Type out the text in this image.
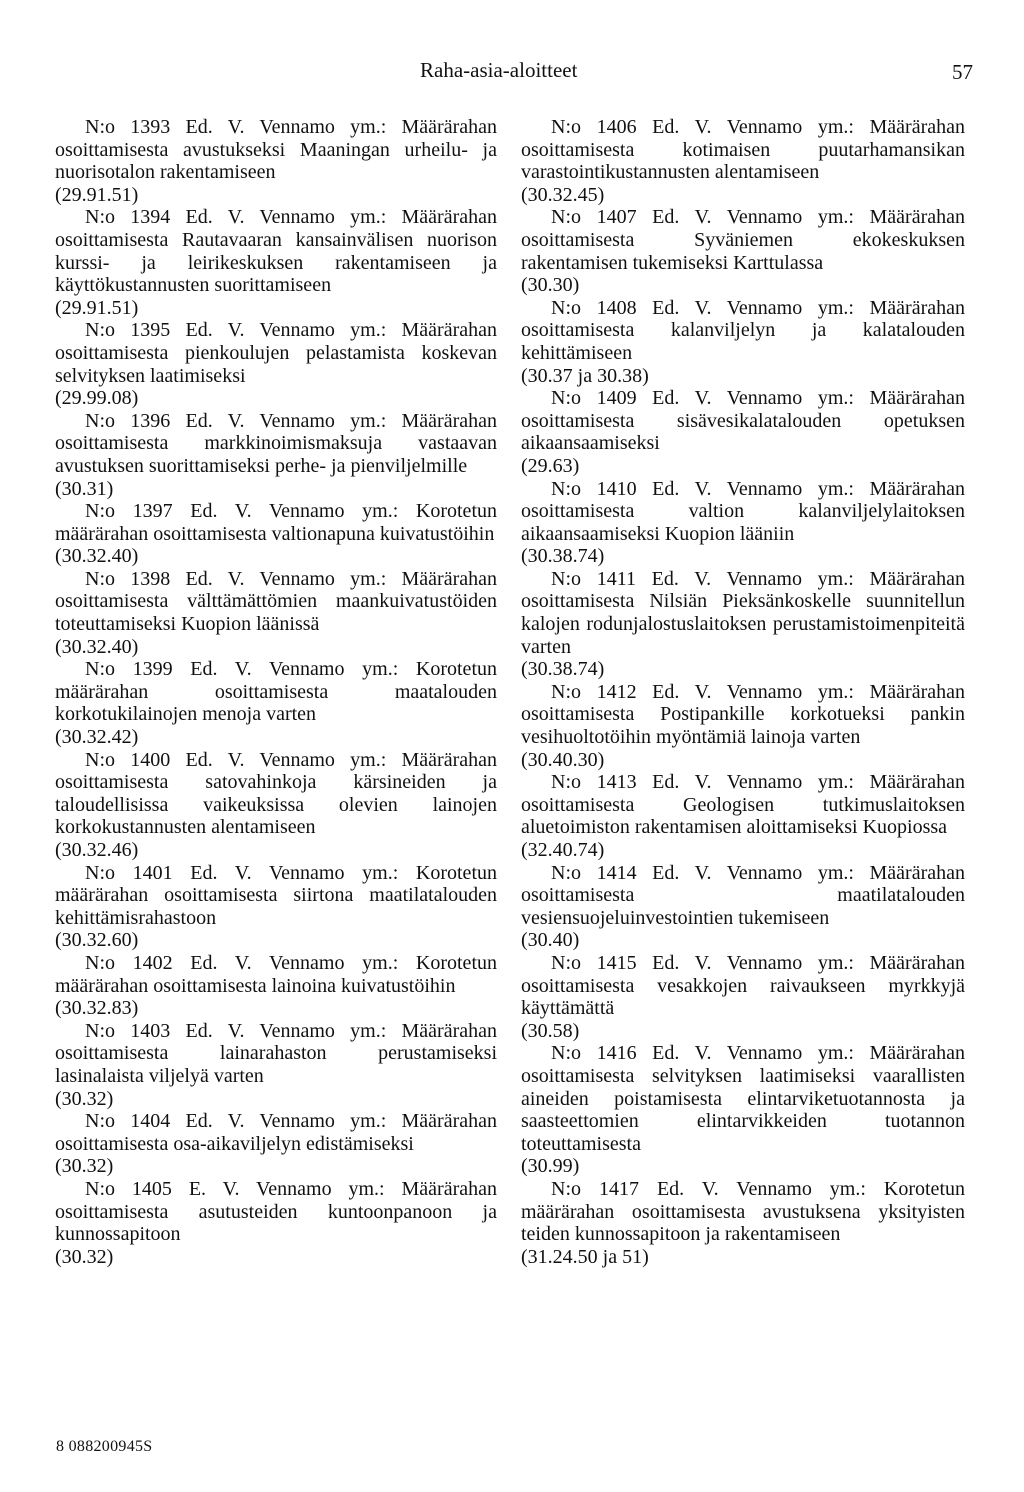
Raha-asia-aloitteet	57

N:o 1393 Ed. V. Vennamo ym.: Määrärahan osoittamisesta avustukseksi Maaningan urheilu- ja nuorisotalon rakentamiseen

(29.91.51)

N:o 1394 Ed. V. Vennamo ym.: Määrärahan osoittamisesta Rautavaaran kansainvälisen nuorison kurssi- ja leirikeskuksen rakentamiseen ja käyttökustannusten suorittamiseen

(29.91.51)

N:o 1395 Ed. V. Vennamo ym.: Määrärahan osoittamisesta pienkoulujen pelastamista koskevan selvityksen laatimiseksi

(29.99.08)

N:o 1396 Ed. V. Vennamo ym.: Määrärahan osoittamisesta markkinoimismaksuja vastaavan avustuksen suorittamiseksi perhe- ja pienviljelmille

(30.31)

N:o 1397 Ed. V. Vennamo ym.: Korotetun määrärahan osoittamisesta valtionapuna kuivatustöihin

(30.32.40)

N:o 1398 Ed. V. Vennamo ym.: Määrärahan osoittamisesta välttämättömien maankuivatustöiden toteuttamiseksi Kuopion läänissä

(30.32.40)

N:o 1399 Ed. V. Vennamo ym.: Korotetun määrärahan osoittamisesta maatalouden korkotukilainojen menoja varten

(30.32.42)

N:o 1400 Ed. V. Vennamo ym.: Määrärahan osoittamisesta satovahinkoja kärsineiden ja taloudellisissa vaikeuksissa olevien lainojen korkokustannusten alentamiseen

(30.32.46)

N:o 1401 Ed. V. Vennamo ym.: Korotetun määrärahan osoittamisesta siirtona maatilatalouden kehittämisrahastoon

(30.32.60)

N:o 1402 Ed. V. Vennamo ym.: Korotetun määrärahan osoittamisesta lainoina kuivatustöihin

(30.32.83)

N:o 1403 Ed. V. Vennamo ym.: Määrärahan osoittamisesta lainarahaston perustamiseksi lasinalaista viljelyä varten

(30.32)

N:o 1404 Ed. V. Vennamo ym.: Määrärahan osoittamisesta osa-aikaviljelyn edistämiseksi

(30.32)

N:o 1405 E. V. Vennamo ym.: Määrärahan osoittamisesta asutusteiden kuntoonpanoon ja kunnossapitoon

(30.32)

N:o 1406 Ed. V. Vennamo ym.: Määrärahan osoittamisesta kotimaisen puutarhamansikan varastointikustannusten alentamiseen

(30.32.45)

N:o 1407 Ed. V. Vennamo ym.: Määrärahan osoittamisesta Syväniemen ekokeskuksen rakentamisen tukemiseksi Karttulassa

(30.30)

N:o 1408 Ed. V. Vennamo ym.: Määrärahan osoittamisesta kalanviljelyn ja kalatalouden kehittämiseen

(30.37 ja 30.38)

N:o 1409 Ed. V. Vennamo ym.: Määrärahan osoittamisesta sisävesikalatalouden opetuksen aikaansaamiseksi

(29.63)

N:o 1410 Ed. V. Vennamo ym.: Määrärahan osoittamisesta valtion kalanviljelylaitoksen aikaansaamiseksi Kuopion lääniin

(30.38.74)

N:o 1411 Ed. V. Vennamo ym.: Määrärahan osoittamisesta Nilsiän Pieksänkoskelle suunnitellun kalojen rodunjalostuslaitoksen perustamistoimenpiteitä varten

(30.38.74)

N:o 1412 Ed. V. Vennamo ym.: Määrärahan osoittamisesta Postipankille korkotueksi pankin vesihuoltotöihin myöntämiä lainoja varten

(30.40.30)

N:o 1413 Ed. V. Vennamo ym.: Määrärahan osoittamisesta Geologisen tutkimuslaitoksen aluetoimiston rakentamisen aloittamiseksi Kuopiossa

(32.40.74)

N:o 1414 Ed. V. Vennamo ym.: Määrärahan osoittamisesta maatilatalouden vesiensuojeluinvestointien tukemiseen

(30.40)

N:o 1415 Ed. V. Vennamo ym.: Määrärahan osoittamisesta vesakkojen raivaukseen myrkkyjä käyttämättä

(30.58)

N:o 1416 Ed. V. Vennamo ym.: Määrärahan osoittamisesta selvityksen laatimiseksi vaarallisten aineiden poistamisesta elintarviketuotannosta ja saasteettomien elintarvikkeiden tuotannon toteuttamisesta

(30.99)

N:o 1417 Ed. V. Vennamo ym.: Korotetun määrärahan osoittamisesta avustuksena yksityisten teiden kunnossapitoon ja rakentamiseen

(31.24.50 ja 51)

8 088200945S
